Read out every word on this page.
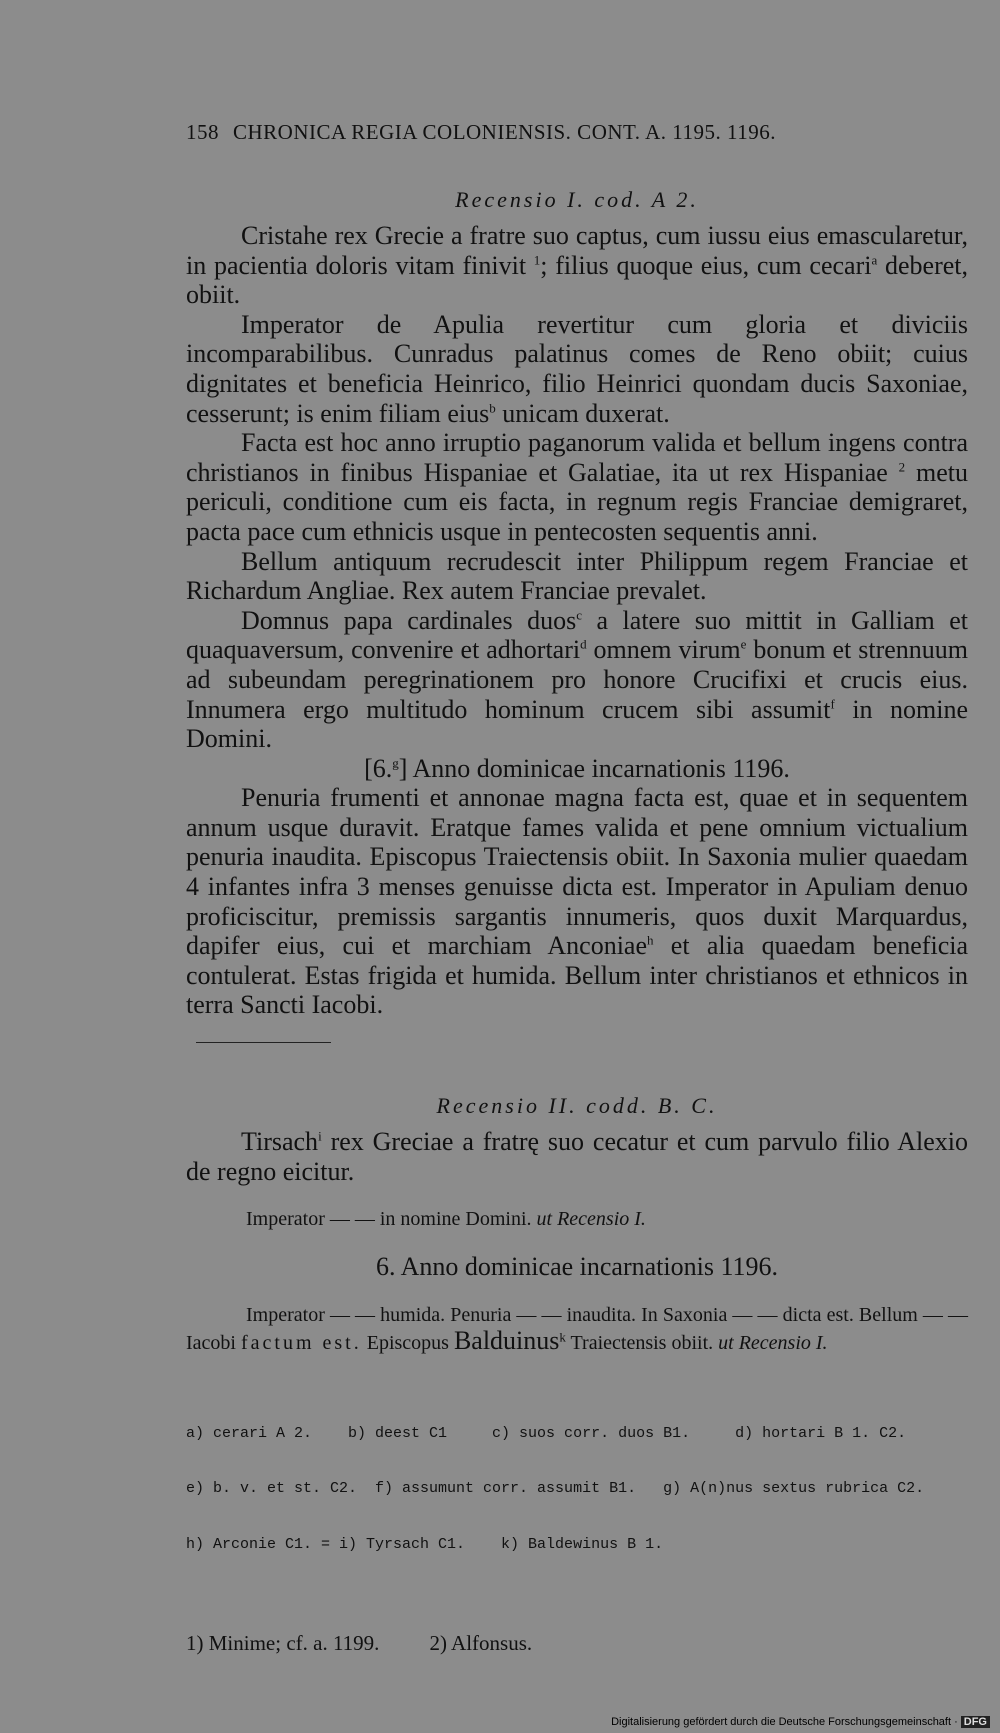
158 CHRONICA REGIA COLONIENSIS. CONT. A. 1195. 1196.
Recensio I. cod. A 2.

Cristahe rex Grecie a fratre suo captus, cum iussu eius emascularetur, in pacientia doloris vitam finivit $^1$; filius quoque eius, cum cecari$^a$ deberet, obiit.

Imperator de Apulia revertitur cum gloria et diviciis incomparabilibus. Cunradus palatinus comes de Reno obiit; cuius dignitates et beneficia Heinrico, filio Heinrici quondam ducis Saxoniae, cesserunt; is enim filiam eius$^b$ unicam duxerat.

Facta est hoc anno irruptio paganorum valida et bellum ingens contra christianos in finibus Hispaniae et Galatiae, ita ut rex Hispaniae $^2$ metu periculi, conditione cum eis facta, in regnum regis Franciae demigraret, pacta pace cum ethnicis usque in pentecosten sequentis anni.

Bellum antiquum recrudescit inter Philippum regem Franciae et Richardum Angliae. Rex autem Franciae prevalet.

Domnus papa cardinales duos$^c$ a latere suo mittit in Galliam et quaquaversum, convenire et adhortari$^d$ omnem virum$^e$ bonum et strennuum ad subeundam peregrinationem pro honore Crucifixi et crucis eius. Innumera ergo multitudo hominum crucem sibi assumit$^f$ in nomine Domini.

[6.$^g$] Anno dominicae incarnationis 1196.

Penuria frumenti et annonae magna facta est, quae et in sequentem annum usque duravit. Eratque fames valida et pene omnium victualium penuria inaudita. Episcopus Traiectensis obiit. In Saxonia mulier quaedam 4 infantes infra 3 menses genuisse dicta est. Imperator in Apuliam denuo proficiscitur, premissis sargantis innumeris, quos duxit Marquardus, dapifer eius, cui et marchiam Anconiae$^h$ et alia quaedam beneficia contulerat. Estas frigida et humida. Bellum inter christianos et ethnicos in terra Sancti Iacobi.

Recensio II. codd. B. C.

Tirsach$^i$ rex Greciae a fratrę suo cecatur et cum parvulo filio Alexio de regno eicitur.

Imperator — — in nomine Domini. ut Recensio I.

6. Anno dominicae incarnationis 1196.

Imperator — — humida. Penuria — — inaudita. In Saxonia — — dicta est. Bellum — — Iacobi factum est. Episcopus Balduinus$^k$ Traiectensis obiit. ut Recensio I.

a) cerari A 2.    b) deest C1     c) suos corr. duos B1.     d) hortari B 1. C2.

e) b. v. et st. C2.  f) assumunt corr. assumit B1.   g) A(n)nus sextus rubrica C2.

h) Arconie C1. = i) Tyrsach C1.    k) Baldewinus B 1.

1) Minime; cf. a. 1199. 2) Alfonsus.
Digitalisierung gefördert durch die Deutsche Forschungsgemeinschaft · DFG
